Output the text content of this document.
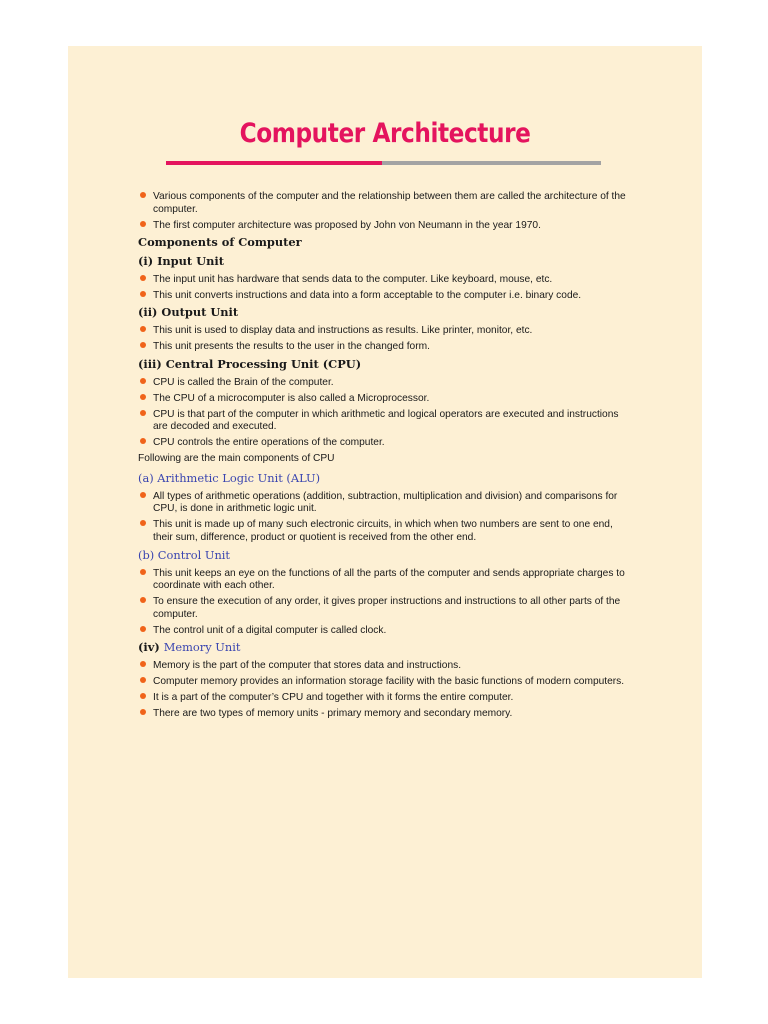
Computer Architecture
Various components of the computer and the relationship between them are called the architecture of the computer.
The first computer architecture was proposed by John von Neumann in the year 1970.
Components of Computer
(i) Input Unit
The input unit has hardware that sends data to the computer. Like keyboard, mouse, etc.
This unit converts instructions and data into a form acceptable to the computer i.e. binary code.
(ii) Output Unit
This unit is used to display data and instructions as results. Like printer, monitor, etc.
This unit presents the results to the user in the changed form.
(iii) Central Processing Unit (CPU)
CPU is called the Brain of the computer.
The CPU of a microcomputer is also called a Microprocessor.
CPU is that part of the computer in which arithmetic and logical operators are executed and instructions are decoded and executed.
CPU controls the entire operations of the computer.

Following are the main components of CPU

(a) Arithmetic Logic Unit (ALU)
All types of arithmetic operations (addition, subtraction, multiplication and division) and comparisons for CPU, is done in arithmetic logic unit.
This unit is made up of many such electronic circuits, in which when two numbers are sent to one end, their sum, difference, product or quotient is received from the other end.
(b) Control Unit
This unit keeps an eye on the functions of all the parts of the computer and sends appropriate charges to coordinate with each other.
To ensure the execution of any order, it gives proper instructions and instructions to all other parts of the computer.
The control unit of a digital computer is called clock.
(iv) Memory Unit
Memory is the part of the computer that stores data and instructions.
Computer memory provides an information storage facility with the basic functions of modern computers.
It is a part of the computer’s CPU and together with it forms the entire computer.
There are two types of memory units - primary memory and secondary memory.
